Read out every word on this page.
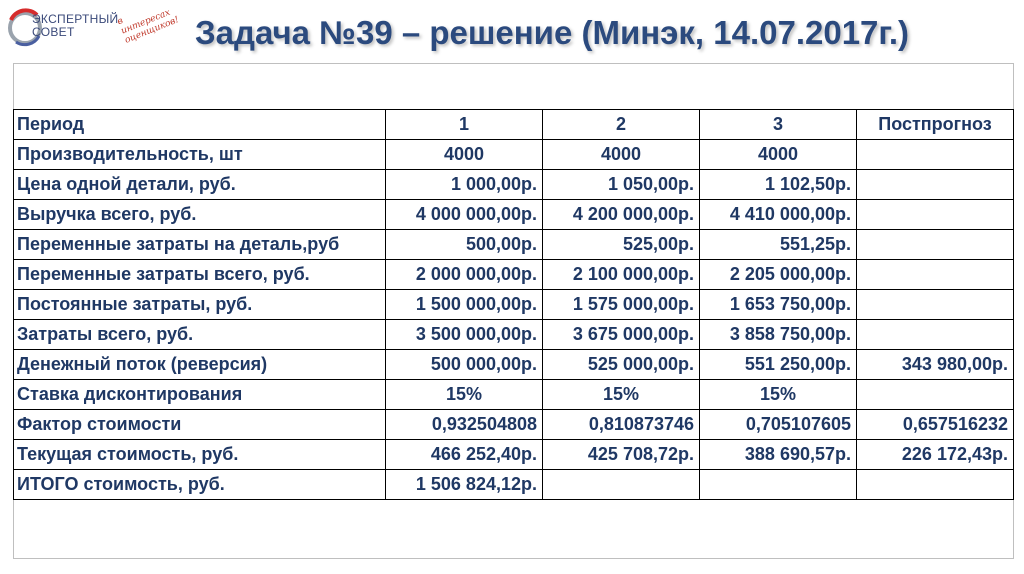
ЭКСПЕРТНЫЙ
СОВЕТ
в интересах оценщиков! Задача №39 – решение (Минэк, 14.07.2017г.)
Период	1	2	3	Постпрогноз
Производительность, шт	4000	4000	4000	
Цена одной детали, руб.	1 000,00р.	1 050,00р.	1 102,50р.	
Выручка всего, руб.	4 000 000,00р.	4 200 000,00р.	4 410 000,00р.	
Переменные затраты на деталь,руб	500,00р.	525,00р.	551,25р.	
Переменные затраты всего, руб.	2 000 000,00р.	2 100 000,00р.	2 205 000,00р.	
Постоянные затраты, руб.	1 500 000,00р.	1 575 000,00р.	1 653 750,00р.	
Затраты всего, руб.	3 500 000,00р.	3 675 000,00р.	3 858 750,00р.	
Денежный поток (реверсия)	500 000,00р.	525 000,00р.	551 250,00р.	343 980,00р.
Ставка дисконтирования	15%	15%	15%	
Фактор стоимости	0,932504808	0,810873746	0,705107605	0,657516232
Текущая стоимость, руб.	466 252,40р.	425 708,72р.	388 690,57р.	226 172,43р.
ИТОГО стоимость, руб.	1 506 824,12р.			
